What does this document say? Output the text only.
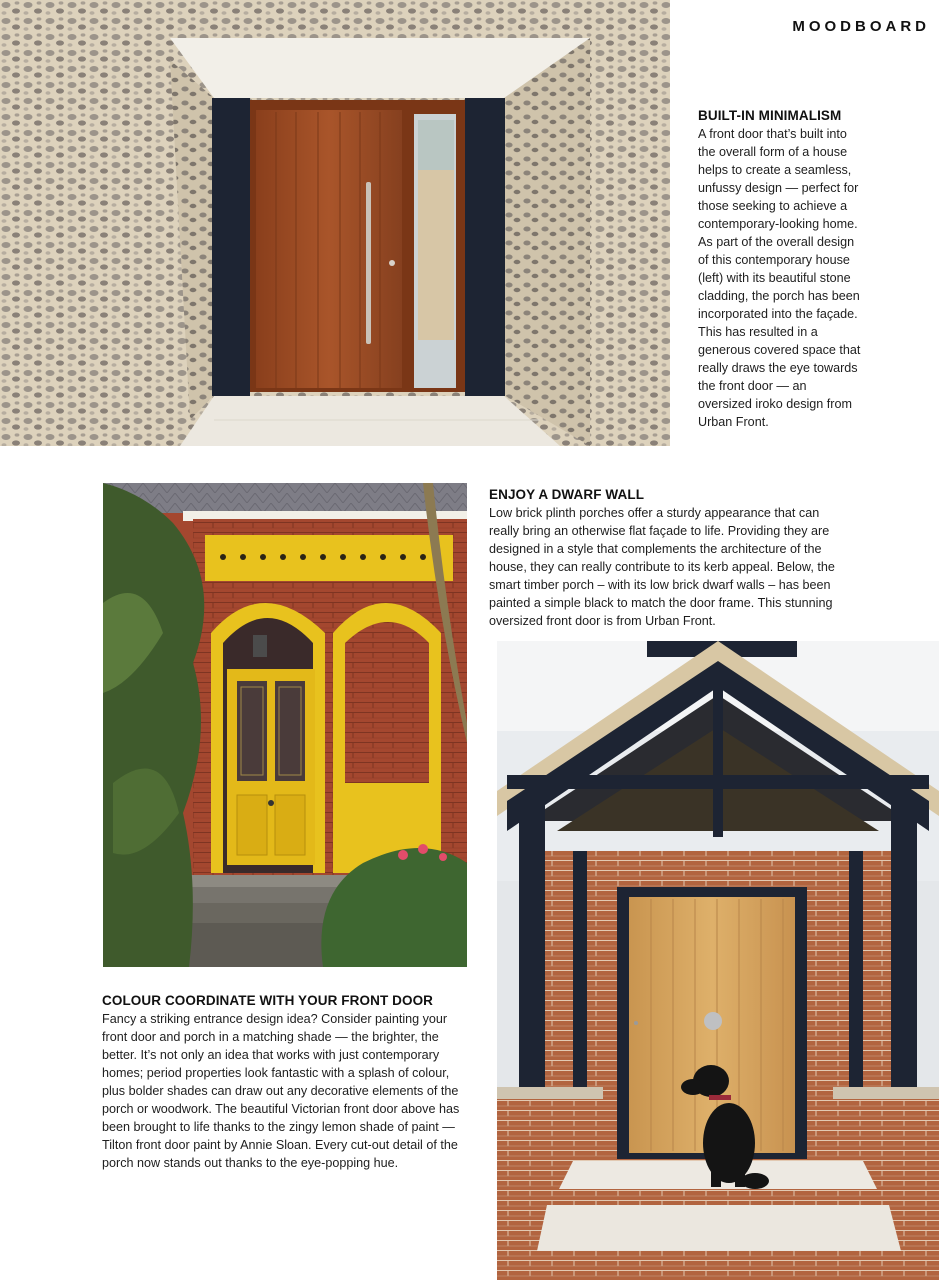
MOODBOARD
BUILT-IN MINIMALISM

A front door that’s built into the overall form of a house helps to create a seamless, unfussy design — perfect for those seeking to achieve a contemporary-looking home. As part of the overall design of this contemporary house (left) with its beautiful stone cladding, the porch has been incorporated into the façade. This has resulted in a generous covered space that really draws the eye towards the front door — an oversized iroko design from Urban Front.

ENJOY A DWARF WALL

Low brick plinth porches offer a sturdy appearance that can really bring an otherwise flat façade to life. Providing they are designed in a style that complements the architecture of the house, they can really contribute to its kerb appeal. Below, the smart timber porch – with its low brick dwarf walls – has been painted a simple black to match the door frame. This stunning oversized front door is from Urban Front.

COLOUR COORDINATE WITH YOUR FRONT DOOR

Fancy a striking entrance design idea? Consider painting your front door and porch in a matching shade — the brighter, the better. It’s not only an idea that works with just contemporary homes; period properties look fantastic with a splash of colour, plus bolder shades can draw out any decorative elements of the porch or woodwork. The beautiful Victorian front door above has been brought to life thanks to the zingy lemon shade of paint — Tilton front door paint by Annie Sloan. Every cut-out detail of the porch now stands out thanks to the eye-popping hue.
